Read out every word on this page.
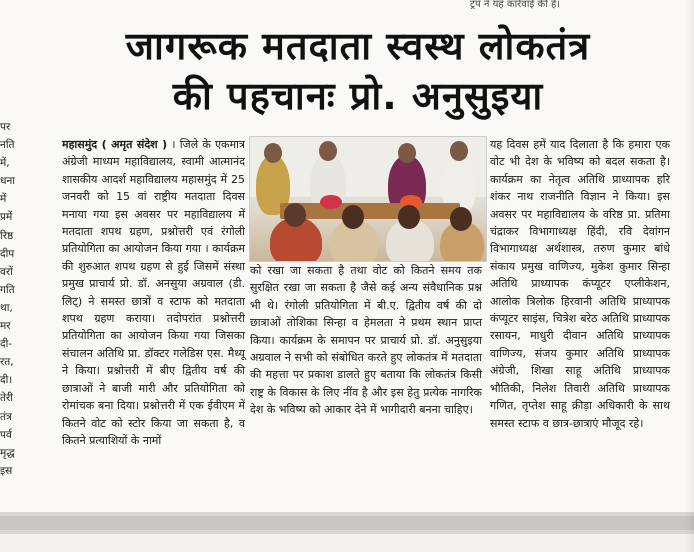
ट्रंप ने यह कार्रवाई की है।
पर
नति
में,
धना
में
प्रमें
रिष्ठ
दीप
वरों
गति
था,
मर
दी-
रत,
दी।
तेरी
तंत्र
पर्व
मृद्ध
इस
जागरूक मतदाता स्वस्थ लोकतंत्र
की पहचानः प्रो. अनुसुइया
महासमुंद ( अमृत संदेश ) । जिले के एकमात्र अंग्रेजी माध्यम महाविद्यालय, स्वामी आत्मानंद शासकीय आदर्श महाविद्यालय महासमुंद में 25 जनवरी को 15 वां राष्ट्रीय मतदाता दिवस मनाया गया इस अवसर पर महाविद्यालय में मतदाता शपथ ग्रहण, प्रश्नोत्तरी एवं रंगोली प्रतियोगिता का आयोजन किया गया । कार्यक्रम की शुरुआत शपथ ग्रहण से हुई जिसमें संस्था प्रमुख प्राचार्य प्रो. डॉ. अनसुया अग्रवाल (डी. लिट्) ने समस्त छात्रों व स्टाफ को मतदाता शपथ ग्रहण कराया। तदोपरांत प्रश्नोत्तरी प्रतियोगिता का आयोजन किया गया जिसका संचालन अतिथि प्रा. डॉक्टर गलेडिस एस. मैथ्यू ने किया। प्रश्नोत्तरी में बीए द्वितीय वर्ष की छात्राओं ने बाजी मारी और प्रतियोगिता को रोमांचक बना दिया। प्रश्नोत्तरी में एक ईवीएम में कितने वोट को स्टोर किया जा सकता है, व कितने प्रत्याशियों के नामों
को रखा जा सकता है तथा वोट को कितने समय तक सुरक्षित रखा जा सकता है जैसे कई अन्य संवैधानिक प्रश्न भी थे। रंगोली प्रतियोगिता में बी.ए. द्वितीय वर्ष की दो छात्राओं तोशिका सिन्हा व हेमलता ने प्रथम स्थान प्राप्त किया। कार्यक्रम के समापन पर प्राचार्य प्रो. डॉ. अनुसुइया अग्रवाल ने सभी को संबोधित करते हुए लोकतंत्र में मतदाता की महत्ता पर प्रकाश डालते हुए बताया कि लोकतंत्र किसी राष्ट्र के विकास के लिए नींव है और इस हेतु प्रत्येक नागरिक देश के भविष्य को आकार देने में भागीदारी बनना चाहिए।
यह दिवस हमें याद दिलाता है कि हमारा एक वोट भी देश के भविष्य को बदल सकता है। कार्यक्रम का नेतृत्व अतिथि प्राध्यापक हरि शंकर नाथ राजनीति विज्ञान ने किया। इस अवसर पर महाविद्यालय के वरिष्ठ प्रा. प्रतिमा चंद्राकर विभागाध्यक्ष हिंदी, रवि देवांगन विभागाध्यक्ष अर्थशास्त्र, तरुण कुमार बांधे संकाय प्रमुख वाणिज्य, मुकेश कुमार सिन्हा अतिथि प्राध्यापक कंप्यूटर एप्लीकेशन, आलोक त्रिलोक हिरवानी अतिथि प्राध्यापक कंप्यूटर साइंस, चित्रेश बरेठ अतिथि प्राध्यापक रसायन, माधुरी दीवान अतिथि प्राध्यापक वाणिज्य, संजय कुमार अतिथि प्राध्यापक अंग्रेजी, शिखा साहू अतिथि प्राध्यापक भौतिकी, निलेश तिवारी अतिथि प्राध्यापक गणित, तृप्तेश साहू क्रीड़ा अधिकारी के साथ समस्त स्टाफ व छात्र-छात्राएं मौजूद रहे।
